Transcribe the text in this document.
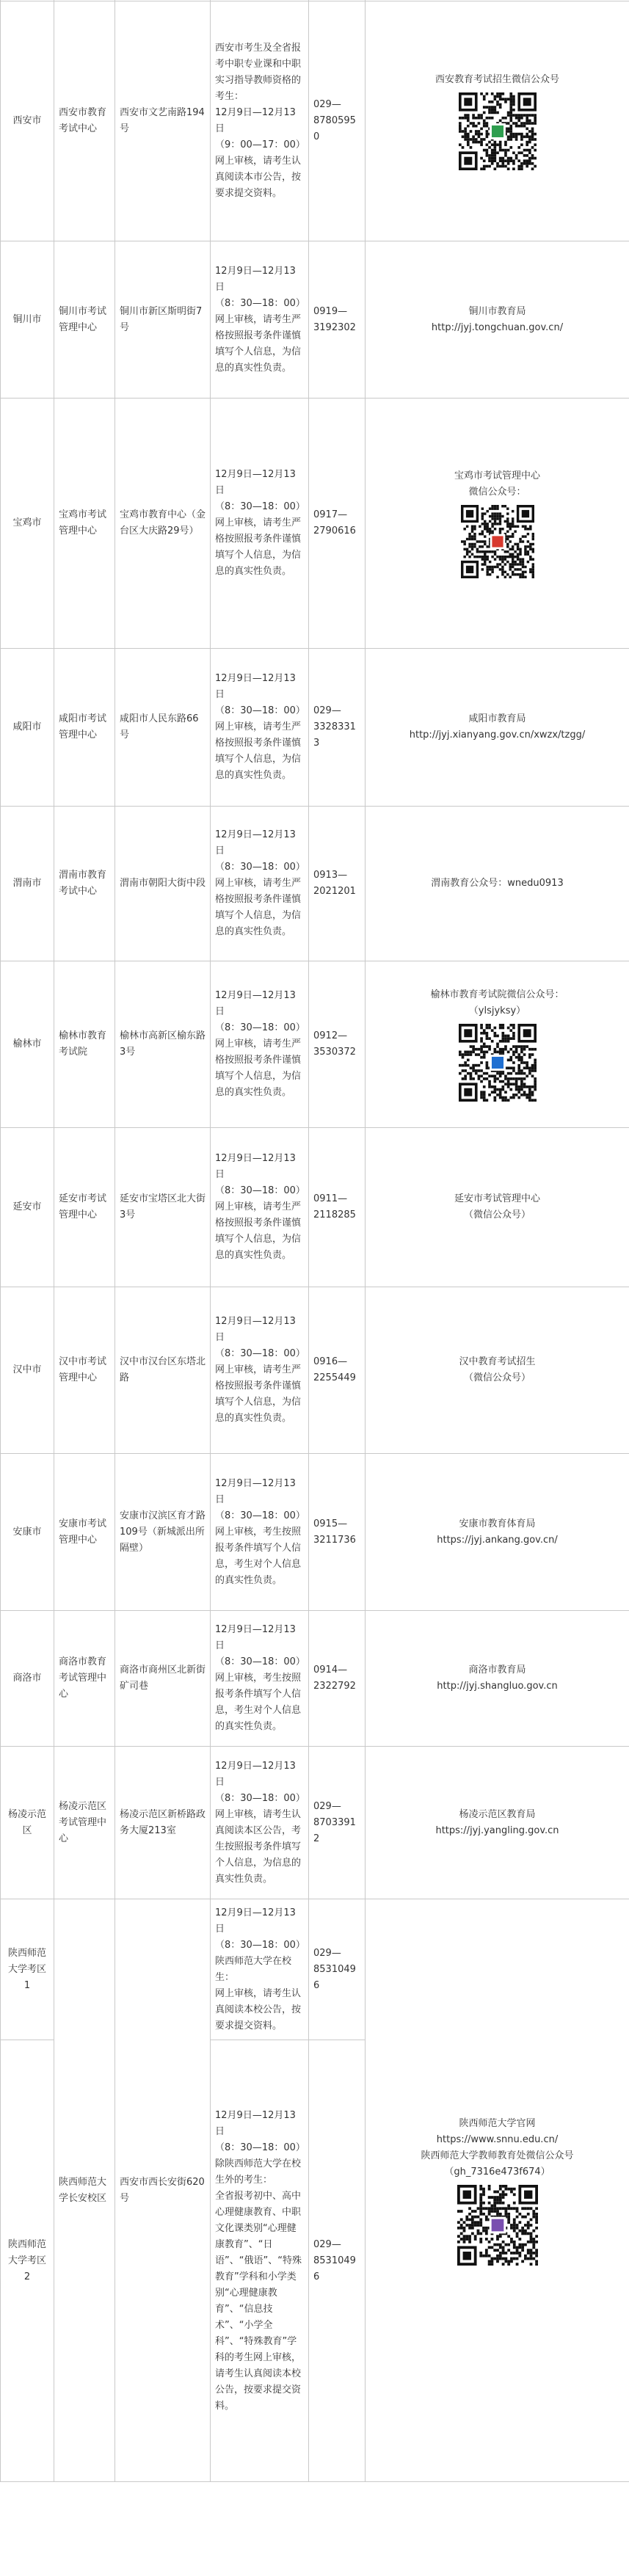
西安市	西安市教育考试中心	西安市文艺南路194号	西安市考生及全省报考中职专业课和中职实习指导教师资格的考生：
12月9日—12月13日
（9：00—17：00）
网上审核，请考生认真阅读本市公告，按要求提交资料。	029—
87805950	西安教育考试招生微信公众号

铜川市	铜川市考试管理中心	铜川市新区斯明街7号	12月9日—12月13日
（8：30—18：00）
网上审核，请考生严格按照报考条件谨慎填写个人信息，为信息的真实性负责。	0919—
3192302	铜川市教育局
http://jyj.tongchuan.gov.cn/

宝鸡市	宝鸡市考试管理中心	宝鸡市教育中心（金台区大庆路29号）	12月9日—12月13日
（8：30—18：00）
网上审核，请考生严格按照报考条件谨慎填写个人信息，为信息的真实性负责。	0917—
2790616	宝鸡市考试管理中心
微信公众号：

咸阳市	咸阳市考试管理中心	咸阳市人民东路66号	12月9日—12月13日
（8：30—18：00）
网上审核，请考生严格按照报考条件谨慎填写个人信息，为信息的真实性负责。	029—
33283313	咸阳市教育局
http://jyj.xianyang.gov.cn/xwzx/tzgg/

渭南市	渭南市教育考试中心	渭南市朝阳大街中段	12月9日—12月13日
（8：30—18：00）
网上审核，请考生严格按照报考条件谨慎填写个人信息，为信息的真实性负责。	0913—
2021201	渭南教育公众号：wnedu0913

榆林市	榆林市教育考试院	榆林市高新区榆东路3号	12月9日—12月13日
（8：30—18：00）
网上审核，请考生严格按照报考条件谨慎填写个人信息，为信息的真实性负责。	0912—
3530372	榆林市教育考试院微信公众号：
（ylsjyksy）

延安市	延安市考试管理中心	延安市宝塔区北大街3号	12月9日—12月13日
（8：30—18：00）
网上审核，请考生严格按照报考条件谨慎填写个人信息，为信息的真实性负责。	0911—
2118285	延安市考试管理中心
（微信公众号）

汉中市	汉中市考试管理中心	汉中市汉台区东塔北路	12月9日—12月13日
（8：30—18：00）
网上审核，请考生严格按照报考条件谨慎填写个人信息，为信息的真实性负责。	0916—
2255449	汉中教育考试招生
（微信公众号）

安康市	安康市考试管理中心	安康市汉滨区育才路109号（新城派出所隔壁）	12月9日—12月13日
（8：30—18：00）
网上审核，考生按照报考条件填写个人信息，考生对个人信息的真实性负责。	0915—
3211736	安康市教育体育局
https://jyj.ankang.gov.cn/

商洛市	商洛市教育考试管理中心	商洛市商州区北新街矿司巷	12月9日—12月13日
（8：30—18：00）
网上审核，考生按照报考条件填写个人信息，考生对个人信息的真实性负责。	0914—
2322792	商洛市教育局
http://jyj.shangluo.gov.cn

杨凌示范区	杨凌示范区考试管理中心	杨凌示范区新桥路政务大厦213室	12月9日—12月13日
（8：30—18：00）
网上审核，请考生认真阅读本区公告，考生按照报考条件填写个人信息，为信息的真实性负责。	029—
87033912	杨凌示范区教育局
https://jyj.yangling.gov.cn

陕西师范大学考区1	陕西师范大学长安校区	西安市西长安街620号	12月9日—12月13日
（8：30—18：00）
陕西师范大学在校生：
网上审核，请考生认真阅读本校公告，按要求提交资料。	029—
85310496	陕西师范大学官网
https://www.snnu.edu.cn/
陕西师范大学教师教育处微信公众号
（gh_7316e473f674）

陕西师范大学考区2			12月9日—12月13日
（8：30—18：00）
除陕西师范大学在校生外的考生：
全省报考初中、高中心理健康教育、中职文化课类别“心理健康教育”、“日语”、“俄语”、“特殊教育”学科和小学类别“心理健康教育”、“信息技术”、“小学全科”、“特殊教育”学科的考生网上审核，请考生认真阅读本校公告，按要求提交资料。	029—
85310496	
